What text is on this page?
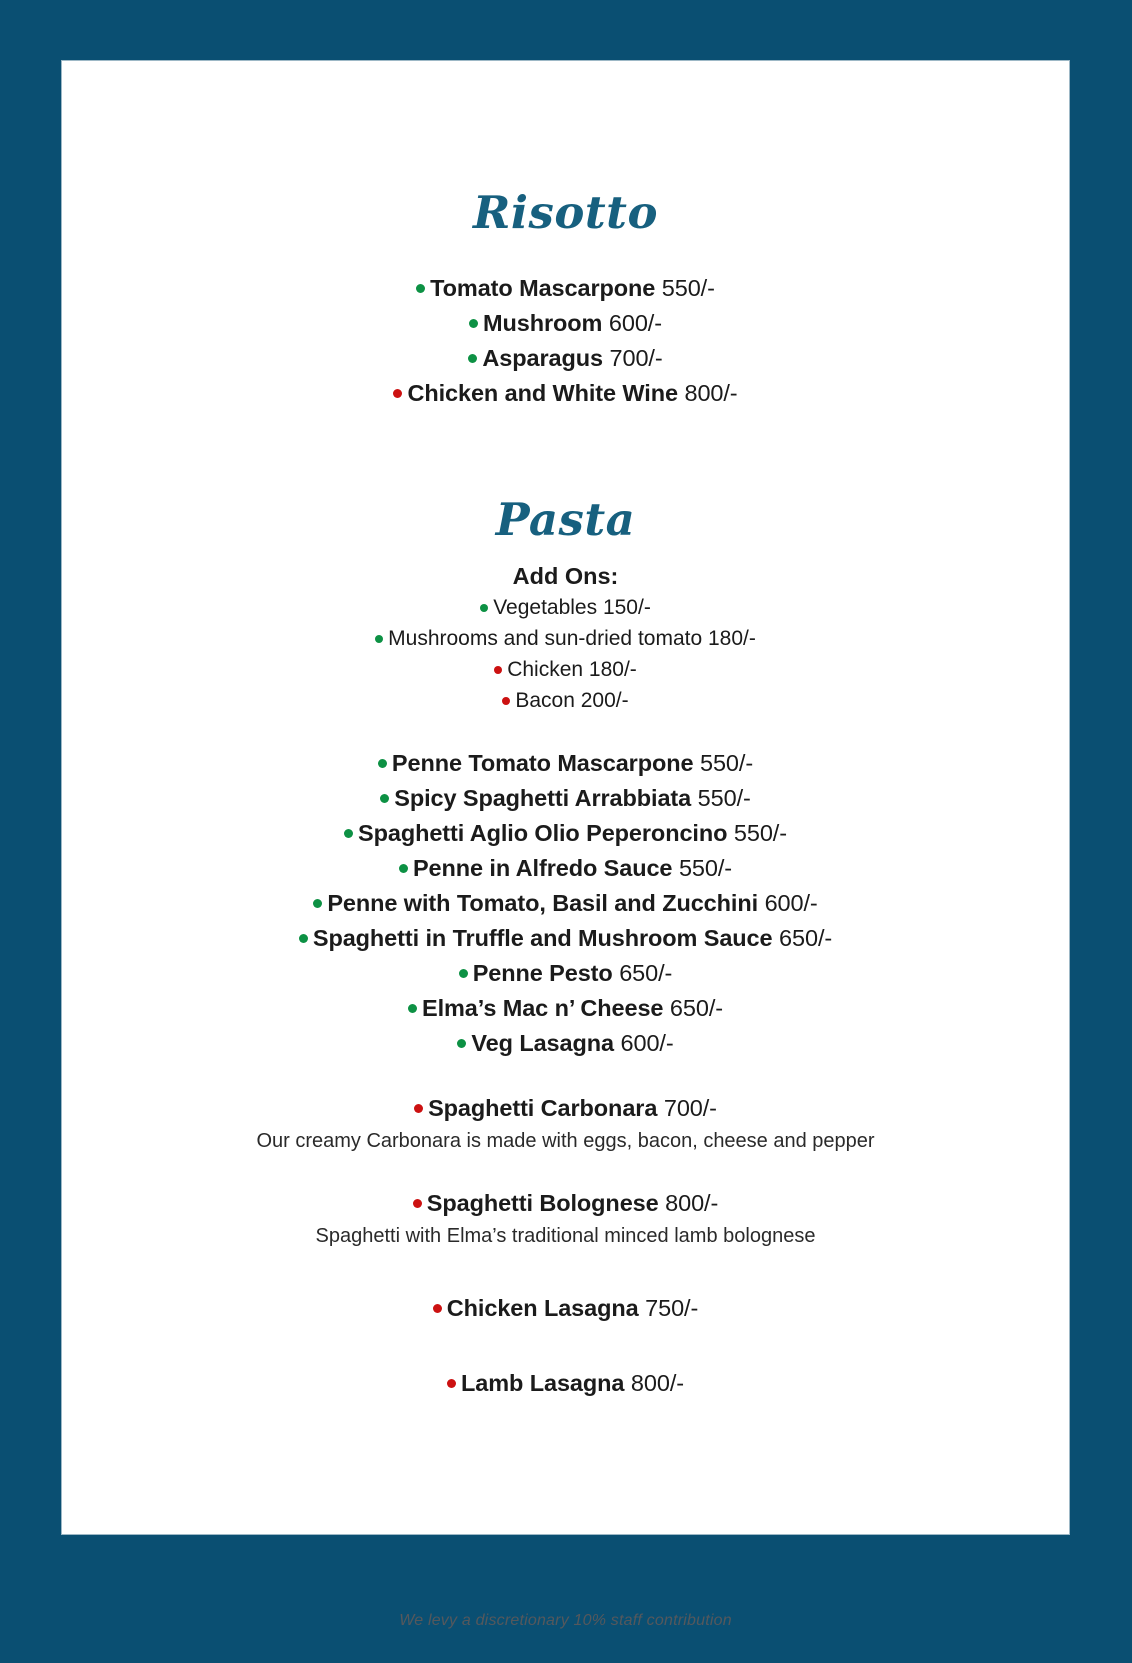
Risotto
Tomato Mascarpone 550/-
Mushroom 600/-
Asparagus 700/-
Chicken and White Wine 800/-
Pasta
Add Ons:
Vegetables 150/-
Mushrooms and sun-dried tomato 180/-
Chicken 180/-
Bacon 200/-
Penne Tomato Mascarpone 550/-
Spicy Spaghetti Arrabbiata 550/-
Spaghetti Aglio Olio Peperoncino 550/-
Penne in Alfredo Sauce 550/-
Penne with Tomato, Basil and Zucchini 600/-
Spaghetti in Truffle and Mushroom Sauce 650/-
Penne Pesto 650/-
Elma’s Mac n’ Cheese 650/-
Veg Lasagna 600/-
Spaghetti Carbonara 700/-
Our creamy Carbonara is made with eggs, bacon, cheese and pepper
Spaghetti Bolognese 800/-
Spaghetti with Elma’s traditional minced lamb bolognese
Chicken Lasagna 750/-
Lamb Lasagna 800/-
We levy a discretionary 10% staff contribution
